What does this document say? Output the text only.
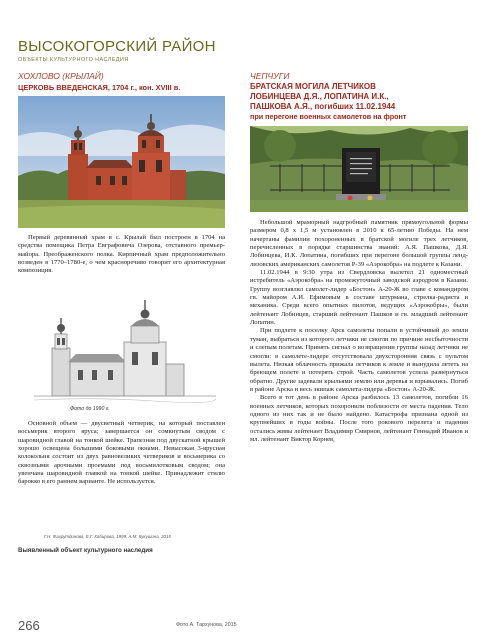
ВЫСОКОГОРСКИЙ РАЙОН
ОБЪЕКТЫ КУЛЬТУРНОГО НАСЛЕДИЯ
ХОХЛОВО (КРЫЛАЙ)
ЦЕРКОВЬ ВВЕДЕНСКАЯ, 1704 г., кон. XVIII в.

Первый деревянный храм в с. Крылай был построен в 1704 на средства помещика Петра Евграфовича Озерова, отставного премьер-майора. Преображенского полка. Кирпичный храм предположительно возведен в 1770–1780-е, о чем красноречиво говорит его архитектурная композиция.

Фото до 1990 г.

Основной объем — двусветный четверик, на который поставлен восьмерик второго яруса; завершается он сомкнутым сводом с шаровидной главой на тонкой шейке. Трапезная под двускатной крышей хорошо освещена большими боковыми окнами. Невысокая 3-ярусная колокольня состоит из двух равновеликих четвериков и восьмерика со сквозными арочными проемами под восьмилотковым сводом; она увенчана шаровидной главкой на тонкой шейке. Принадлежит стилю барокко в его раннем варианте. Не используется.

Г.Н. Фахрутдинова, Е.Г. Кабирова, 1999, А.М. Кукушина, 2015
Выявленный объект культурного наследия
ЧЕПЧУГИ
БРАТСКАЯ МОГИЛА ЛЕТЧИКОВ
ЛОБИНЦЕВА Д.Я., ЛОПАТИНА И.К.,
ПАШКОВА А.Я., погибших 11.02.1944
при перегоне военных самолетов на фронт

Небольшой мраморный надгробный памятник прямоугольной формы размером 0,8 х 1,5 м установлен в 2010 к 65-летию Победы. На нем начертаны фамилии похороненных в братской могиле трех летчиков, перечисленных в порядке старшинства званий: А.Я. Пашкова, Д.Я. Лобинцева, И.К. Лопатина, погибших при перегоне большой группы ленд-лизовских американских самолетов Р-39 «Аэрокобра» на подлете к Казани.

11.02.1944 в 9:30 утра из Свердловска вылетел 21 одноместный истребитель «Аэрокобра» на промежуточный заводской аэродром в Казани. Группу возглавлял самолет-лидер «Бостон» А-20-Ж во главе с командиром гв. майором А.И. Ефимовым в составе штурмана, стрелка-радиста и механика. Среди всего опытных пилотов, ведущих «Аэрокобры», были лейтенант Лобинцев, старший лейтенант Пашков и гв. младший лейтенант Лопатин.

При подлете к поселку Арск самолеты попали в устойчивый до земли туман, выбраться из которого летчики не смогли по причине несбыточности и слепым полетам. Принять сигнал о возвращении группы назад летчики не смогли: в самолете-лидере отсутствовала двухсторонняя связь с пультом вылета. Низкая облачность прижала летчиков к земле и вынудила лететь на бреющем полете и потерять строй. Часть самолетов успела развернуться обратно. Другие задевали крыльями землю или деревья и взрывались. Погиб в районе Арска и весь экипаж самолета-лидера «Бостон» А-20-Ж.

Всего в тот день в районе Арска разбилось 13 самолетов, погибли 16 военных летчиков, которых похоронили поблизости от места падения. Тело одного из них так и не было найдено. Катастрофа признана одной из крупнейших в годы войны. После того рокового перелета и падения остались живы лейтенант Владимир Смирнов, лейтенант Геннадий Иванов и мл. лейтенант Виктор Корнев,

266	Фото А. Тархунова, 2015
